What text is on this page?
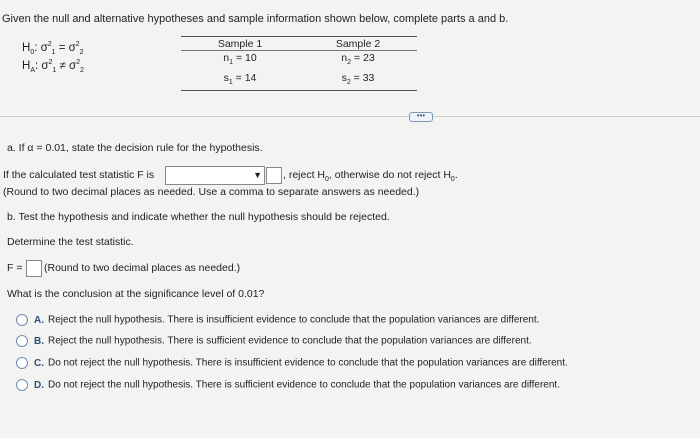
Given the null and alternative hypotheses and sample information shown below, complete parts a and b.
$H_0$: $\sigma^2_1 = \sigma^2_2$
$H_A$: $\sigma^2_1 \ne \sigma^2_2$
Sample 1	Sample 2
$n_1 = 10$	$n_2 = 23$
$s_1 = 14$	$s_2 = 33$
•••
a. If α = 0.01, state the decision rule for the hypothesis.
If the calculated test statistic F is	▼ , reject $H_0$, otherwise do not reject $H_0$.
(Round to two decimal places as needed. Use a comma to separate answers as needed.)
b. Test the hypothesis and indicate whether the null hypothesis should be rejected.
Determine the test statistic.
F = (Round to two decimal places as needed.)
What is the conclusion at the significance level of 0.01?
A. Reject the null hypothesis. There is insufficient evidence to conclude that the population variances are different.
B. Reject the null hypothesis. There is sufficient evidence to conclude that the population variances are different.
C. Do not reject the null hypothesis. There is insufficient evidence to conclude that the population variances are different.
D. Do not reject the null hypothesis. There is sufficient evidence to conclude that the population variances are different.
